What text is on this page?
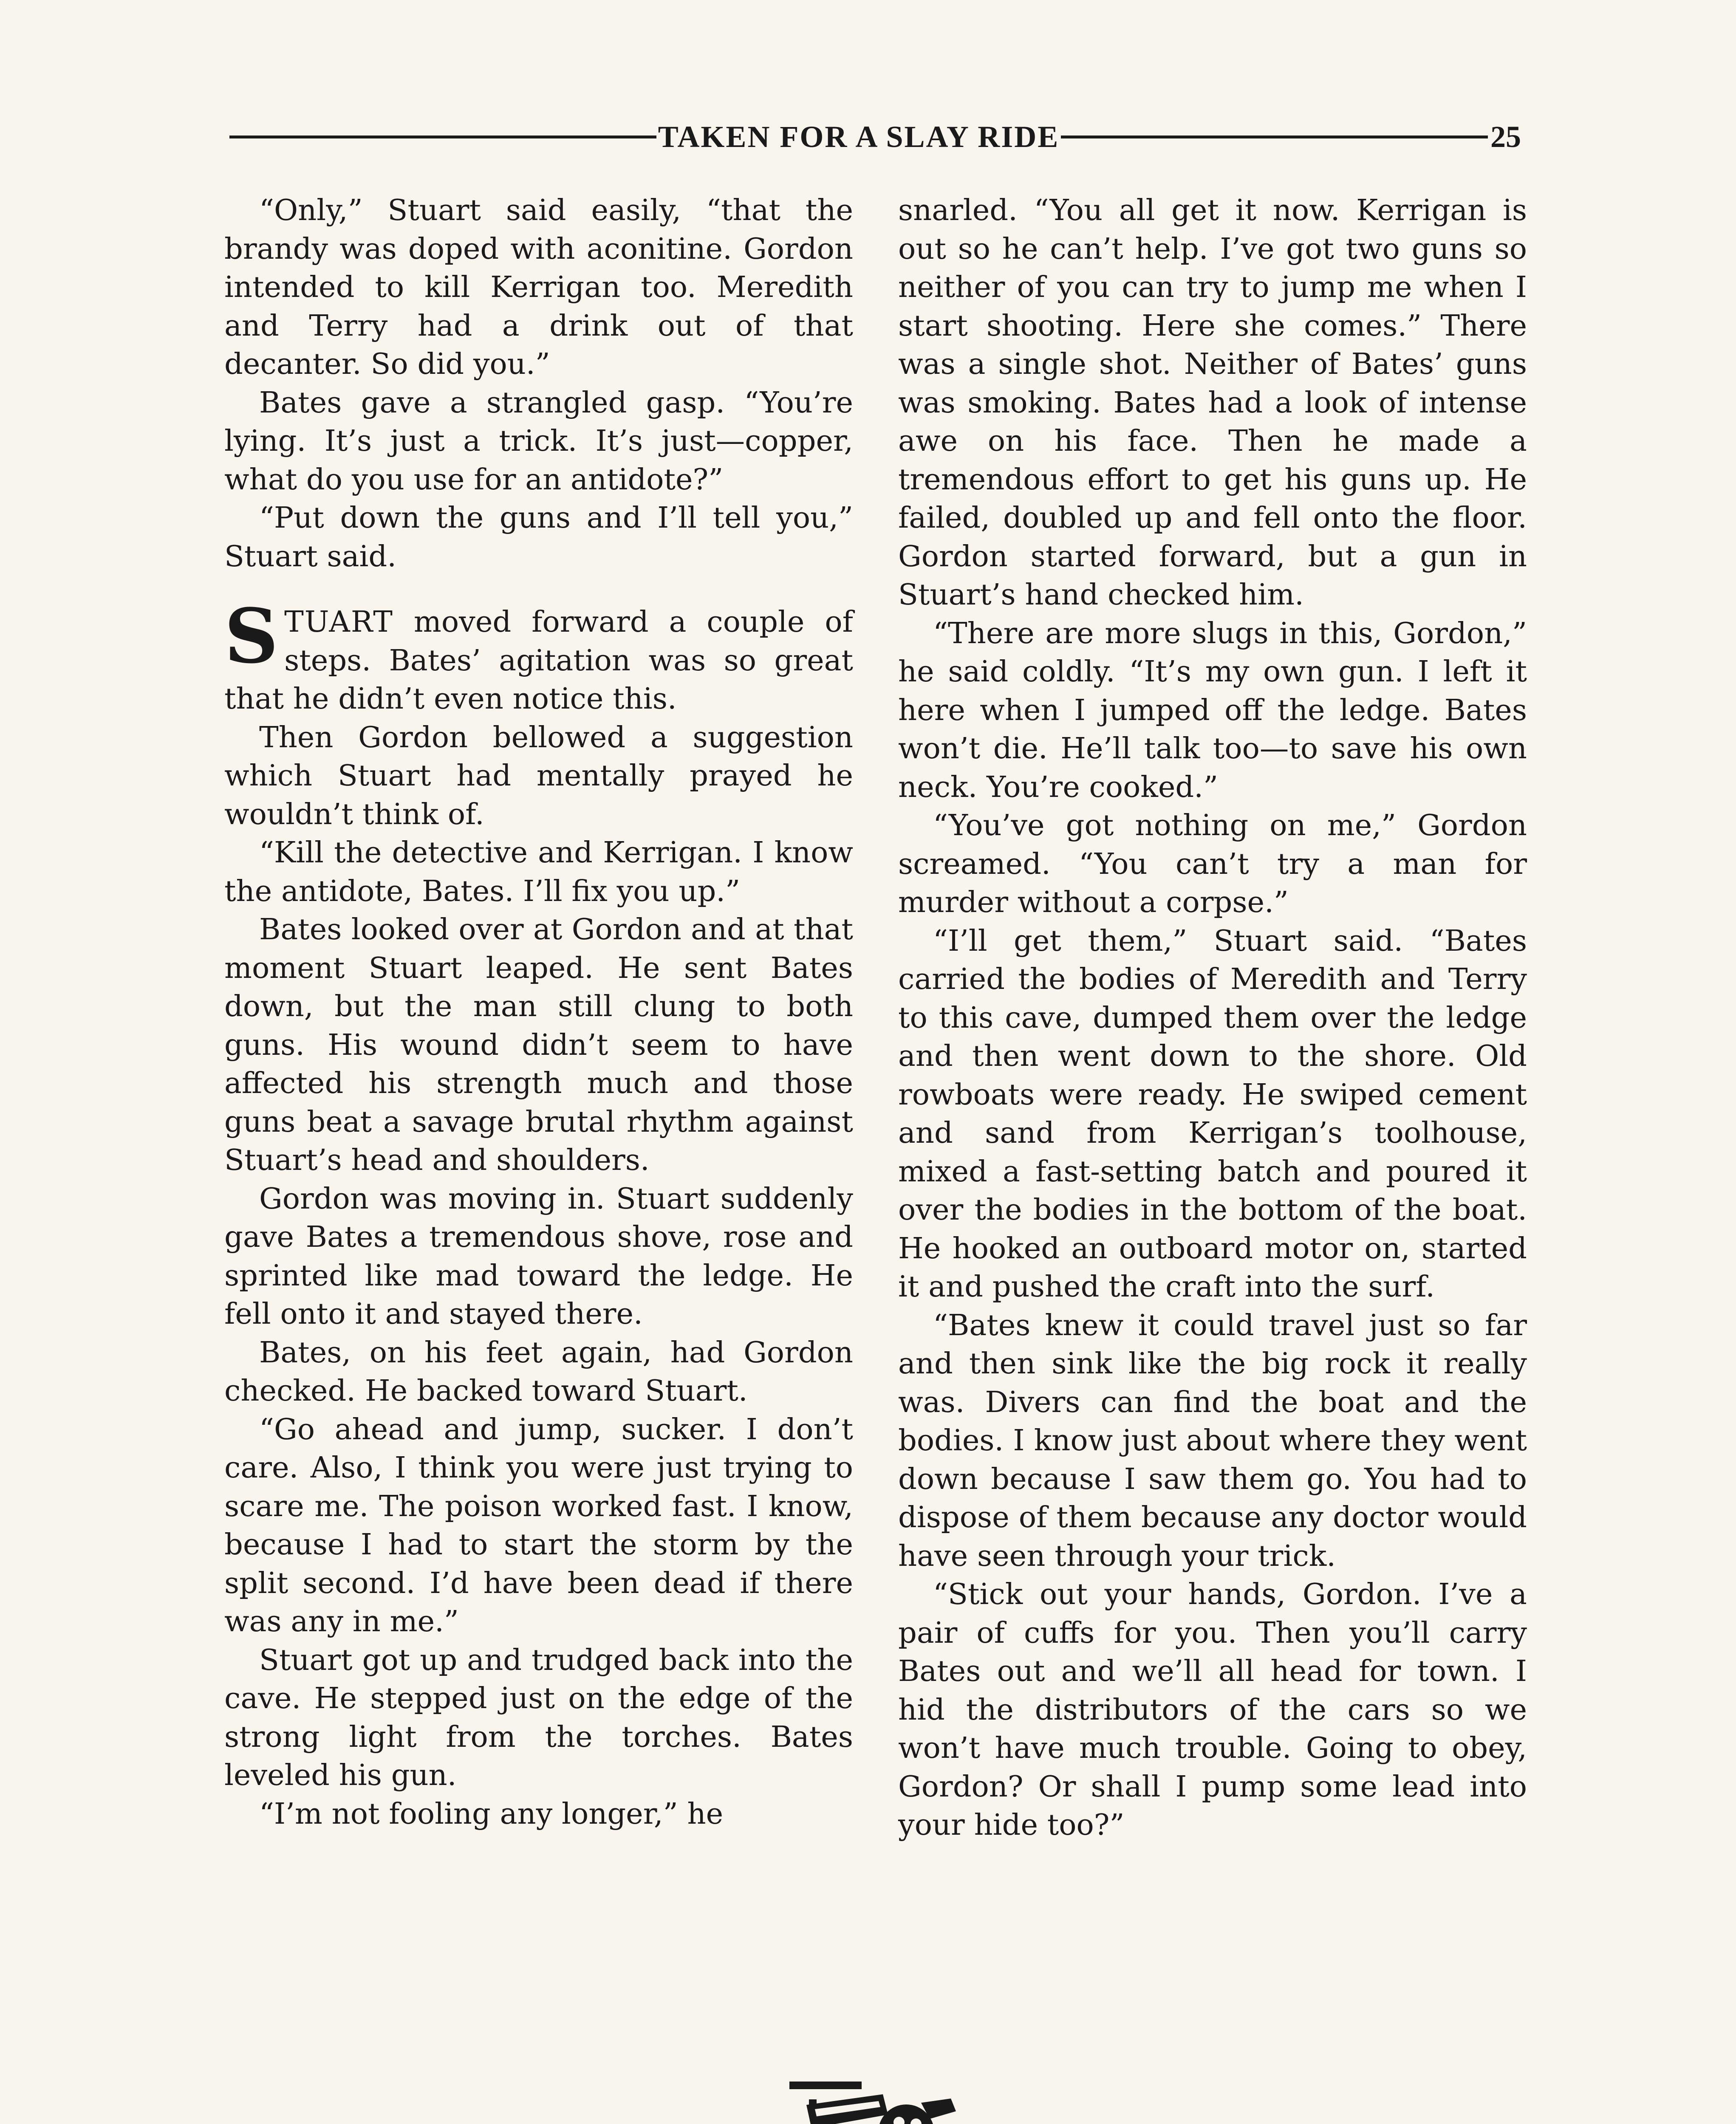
TAKEN FOR A SLAY RIDE	25

“Only,” Stuart said easily, “that the brandy was doped with aconitine. Gordon intended to kill Kerrigan too. Meredith and Terry had a drink out of that decanter. So did you.”

Bates gave a strangled gasp. “You’re lying. It’s just a trick. It’s just—copper, what do you use for an antidote?”

“Put down the guns and I’ll tell you,” Stuart said.

STUART moved forward a couple of steps. Bates’ agitation was so great that he didn’t even notice this.

Then Gordon bellowed a suggestion which Stuart had mentally prayed he wouldn’t think of.

“Kill the detective and Kerrigan. I know the antidote, Bates. I’ll fix you up.”

Bates looked over at Gordon and at that moment Stuart leaped. He sent Bates down, but the man still clung to both guns. His wound didn’t seem to have affected his strength much and those guns beat a savage brutal rhythm against Stuart’s head and shoulders.

Gordon was moving in. Stuart suddenly gave Bates a tremendous shove, rose and sprinted like mad toward the ledge. He fell onto it and stayed there.

Bates, on his feet again, had Gordon checked. He backed toward Stuart.

“Go ahead and jump, sucker. I don’t care. Also, I think you were just trying to scare me. The poison worked fast. I know, because I had to start the storm by the split second. I’d have been dead if there was any in me.”

Stuart got up and trudged back into the cave. He stepped just on the edge of the strong light from the torches. Bates leveled his gun.

“I’m not fooling any longer,” he

snarled. “You all get it now. Kerrigan is out so he can’t help. I’ve got two guns so neither of you can try to jump me when I start shooting. Here she comes.” There was a single shot. Neither of Bates’ guns was smoking. Bates had a look of intense awe on his face. Then he made a tremendous effort to get his guns up. He failed, doubled up and fell onto the floor. Gordon started forward, but a gun in Stuart’s hand checked him.

“There are more slugs in this, Gordon,” he said coldly. “It’s my own gun. I left it here when I jumped off the ledge. Bates won’t die. He’ll talk too—to save his own neck. You’re cooked.”

“You’ve got nothing on me,” Gordon screamed. “You can’t try a man for murder without a corpse.”

“I’ll get them,” Stuart said. “Bates carried the bodies of Meredith and Terry to this cave, dumped them over the ledge and then went down to the shore. Old rowboats were ready. He swiped cement and sand from Kerrigan’s toolhouse, mixed a fast-setting batch and poured it over the bodies in the bottom of the boat. He hooked an outboard motor on, started it and pushed the craft into the surf.

“Bates knew it could travel just so far and then sink like the big rock it really was. Divers can find the boat and the bodies. I know just about where they went down because I saw them go. You had to dispose of them because any doctor would have seen through your trick.

“Stick out your hands, Gordon. I’ve a pair of cuffs for you. Then you’ll carry Bates out and we’ll all head for town. I hid the distributors of the cars so we won’t have much trouble. Going to obey, Gordon? Or shall I pump some lead into your hide too?”
